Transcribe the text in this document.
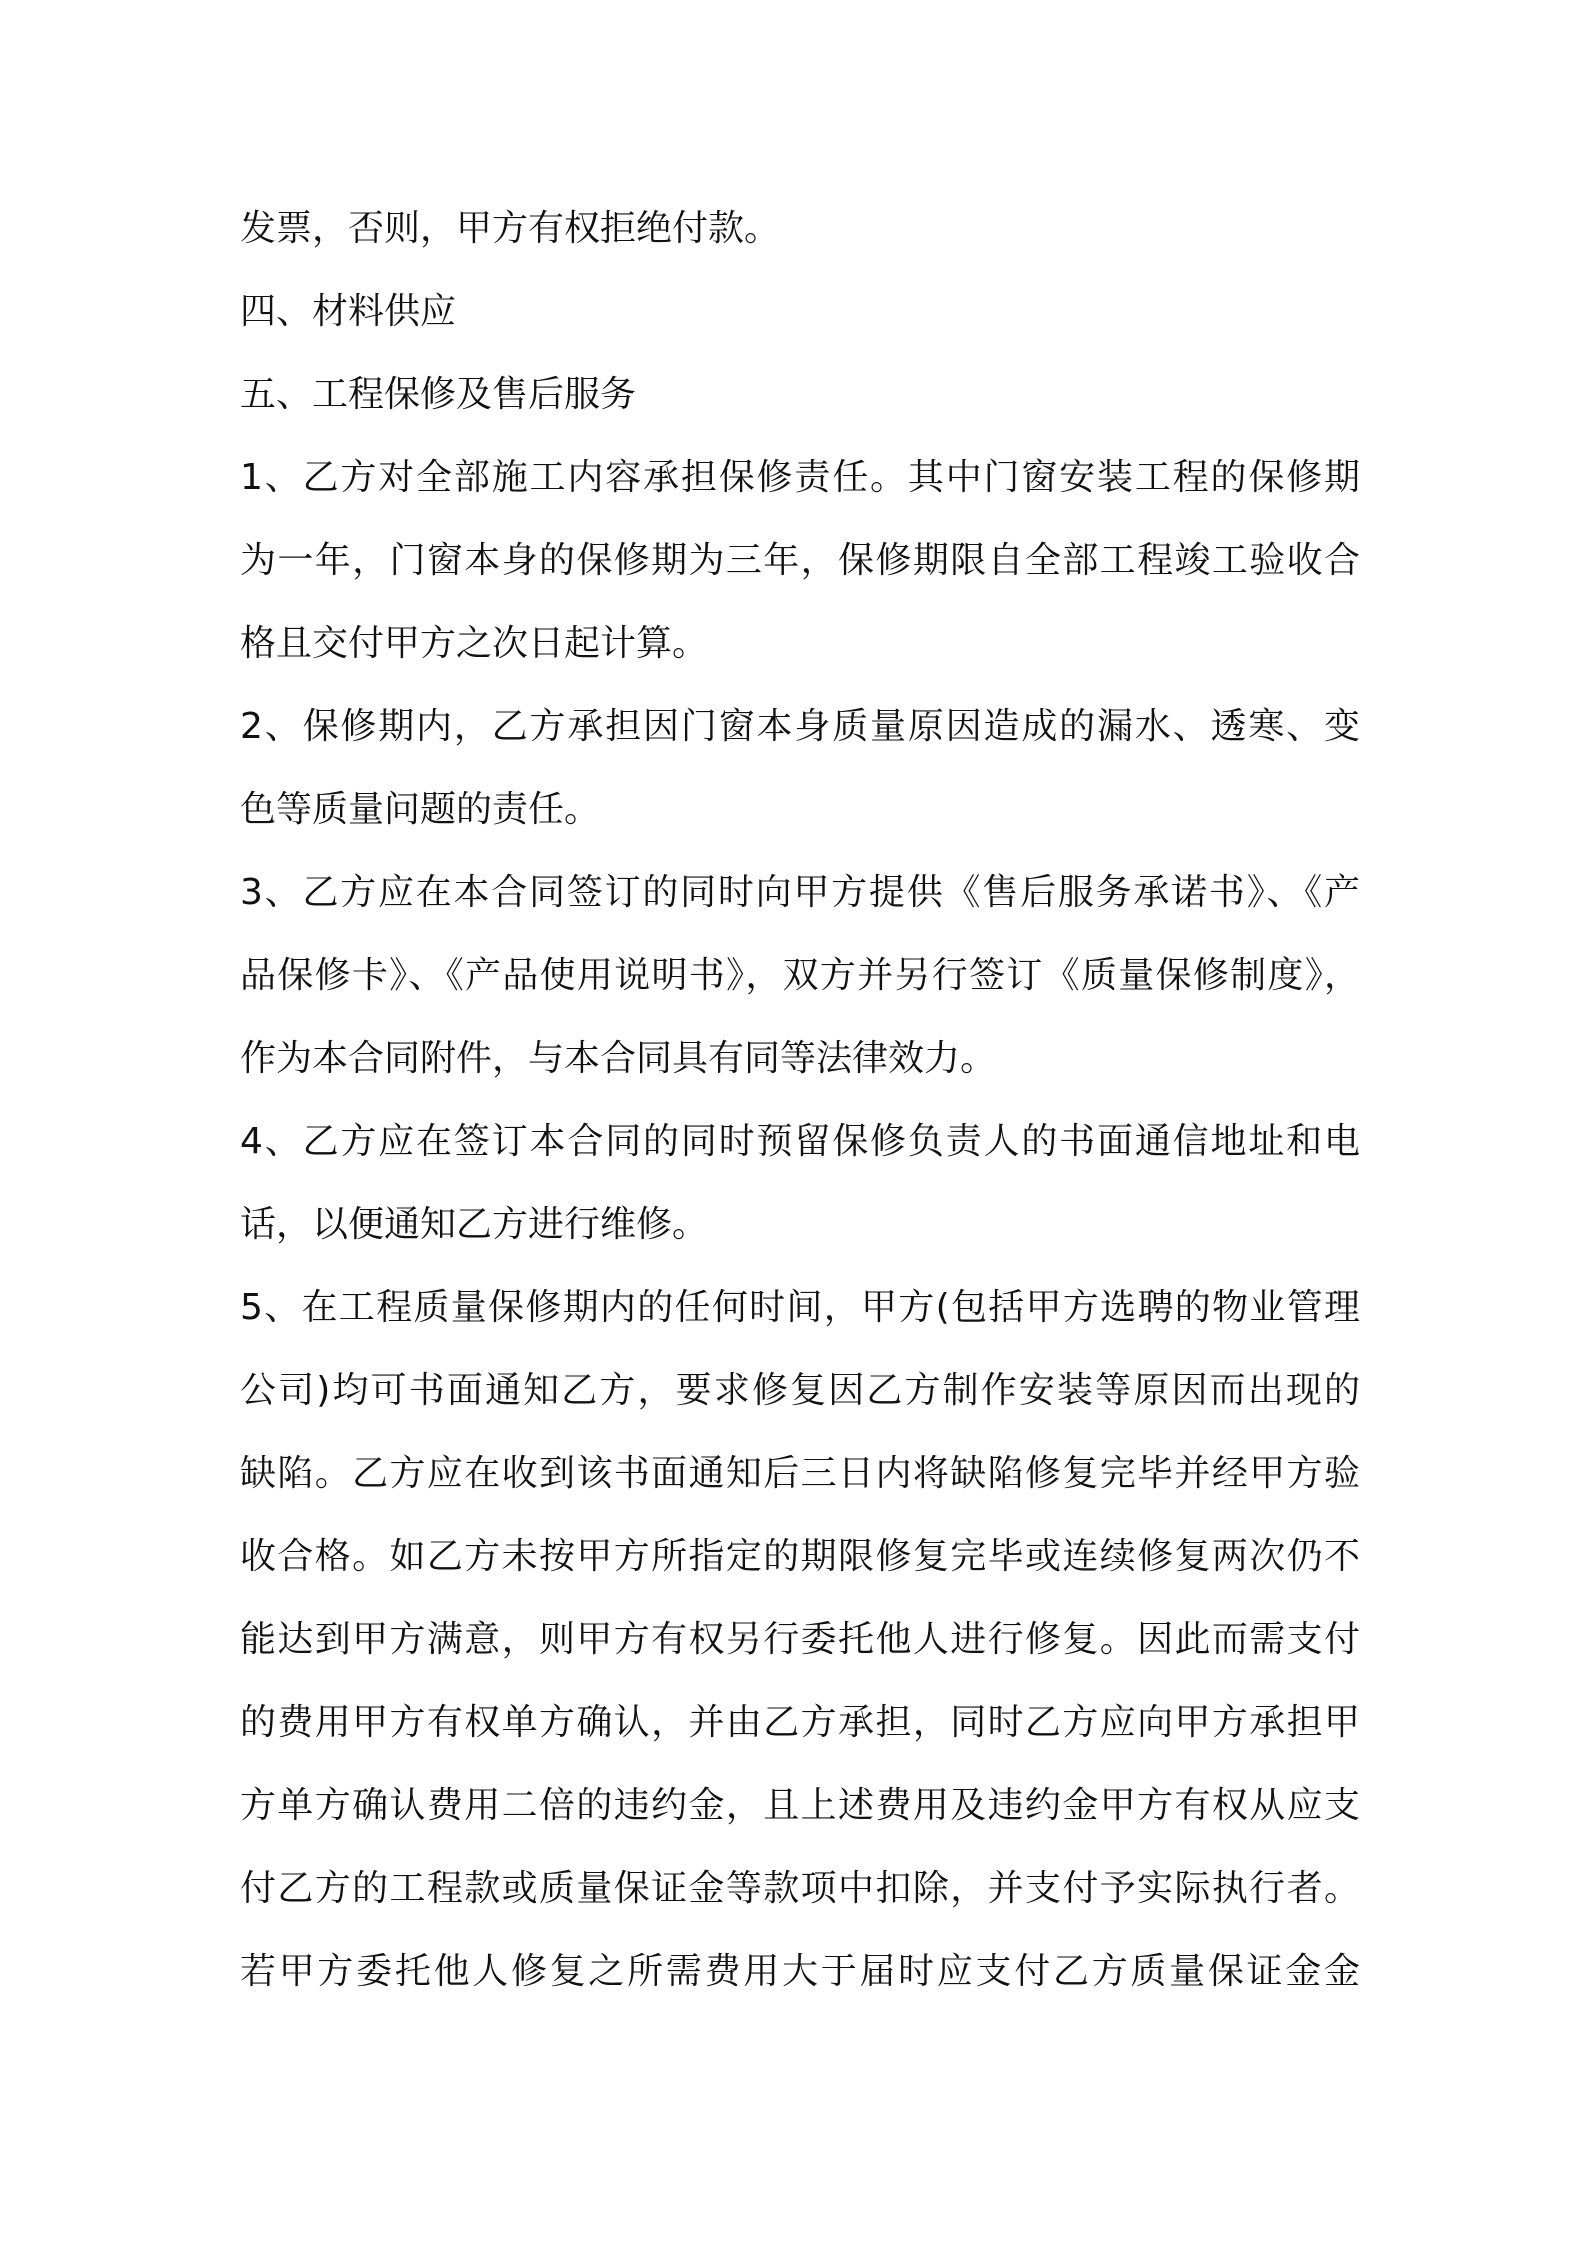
发票，否则，甲方有权拒绝付款。
四、材料供应
五、工程保修及售后服务
1、乙方对全部施工内容承担保修责任。其中门窗安装工程的保修期
为一年，门窗本身的保修期为三年，保修期限自全部工程竣工验收合
格且交付甲方之次日起计算。
2、保修期内，乙方承担因门窗本身质量原因造成的漏水、透寒、变
色等质量问题的责任。
3、乙方应在本合同签订的同时向甲方提供《售后服务承诺书》、《产
品保修卡》、《产品使用说明书》，双方并另行签订《质量保修制度》，
作为本合同附件，与本合同具有同等法律效力。
4、乙方应在签订本合同的同时预留保修负责人的书面通信地址和电
话，以便通知乙方进行维修。
5、在工程质量保修期内的任何时间，甲方(包括甲方选聘的物业管理
公司)均可书面通知乙方，要求修复因乙方制作安装等原因而出现的
缺陷。乙方应在收到该书面通知后三日内将缺陷修复完毕并经甲方验
收合格。如乙方未按甲方所指定的期限修复完毕或连续修复两次仍不
能达到甲方满意，则甲方有权另行委托他人进行修复。因此而需支付
的费用甲方有权单方确认，并由乙方承担，同时乙方应向甲方承担甲
方单方确认费用二倍的违约金，且上述费用及违约金甲方有权从应支
付乙方的工程款或质量保证金等款项中扣除，并支付予实际执行者。
若甲方委托他人修复之所需费用大于届时应支付乙方质量保证金金
